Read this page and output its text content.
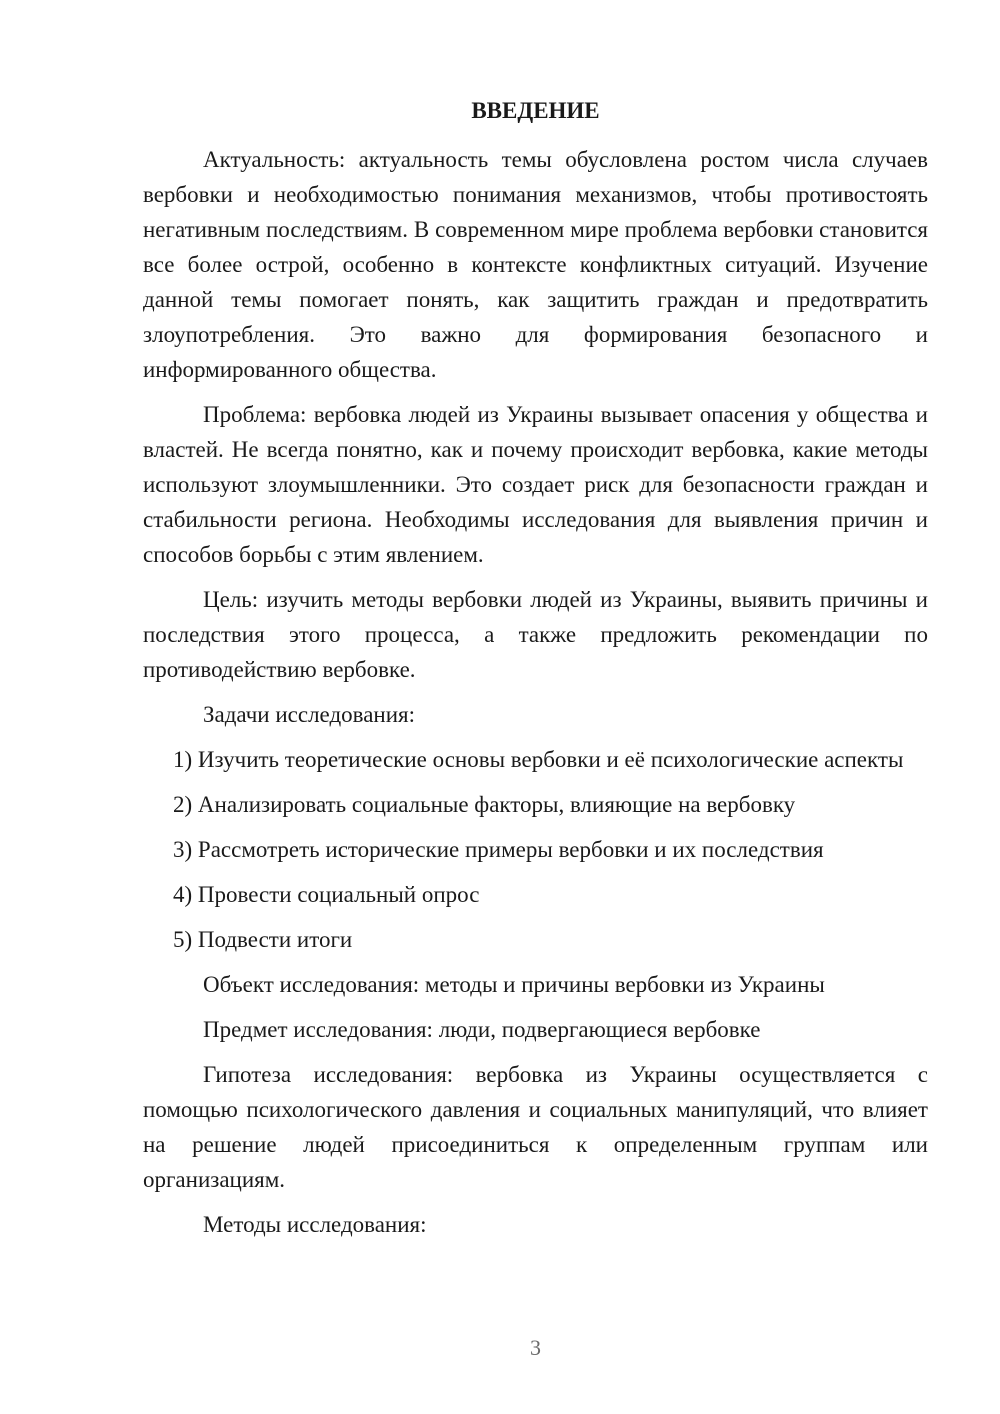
ВВЕДЕНИЕ

Актуальность: актуальность темы обусловлена ростом числа случаев вербовки и необходимостью понимания механизмов, чтобы противостоять негативным последствиям. В современном мире проблема вербовки становится все более острой, особенно в контексте конфликтных ситуаций. Изучение данной темы помогает понять, как защитить граждан и предотвратить злоупотребления. Это важно для формирования безопасного и информированного общества.

Проблема: вербовка людей из Украины вызывает опасения у общества и властей. Не всегда понятно, как и почему происходит вербовка, какие методы используют злоумышленники. Это создает риск для безопасности граждан и стабильности региона. Необходимы исследования для выявления причин и способов борьбы с этим явлением.

Цель: изучить методы вербовки людей из Украины, выявить причины и последствия этого процесса, а также предложить рекомендации по противодействию вербовке.

Задачи исследования:

1) Изучить теоретические основы вербовки и её психологические аспекты

2) Анализировать социальные факторы, влияющие на вербовку

3) Рассмотреть исторические примеры вербовки и их последствия

4) Провести социальный опрос

5) Подвести итоги

Объект исследования: методы и причины вербовки из Украины

Предмет исследования: люди, подвергающиеся вербовке

Гипотеза исследования: вербовка из Украины осуществляется с помощью психологического давления и социальных манипуляций, что влияет на решение людей присоединиться к определенным группам или организациям.

Методы исследования:

3
